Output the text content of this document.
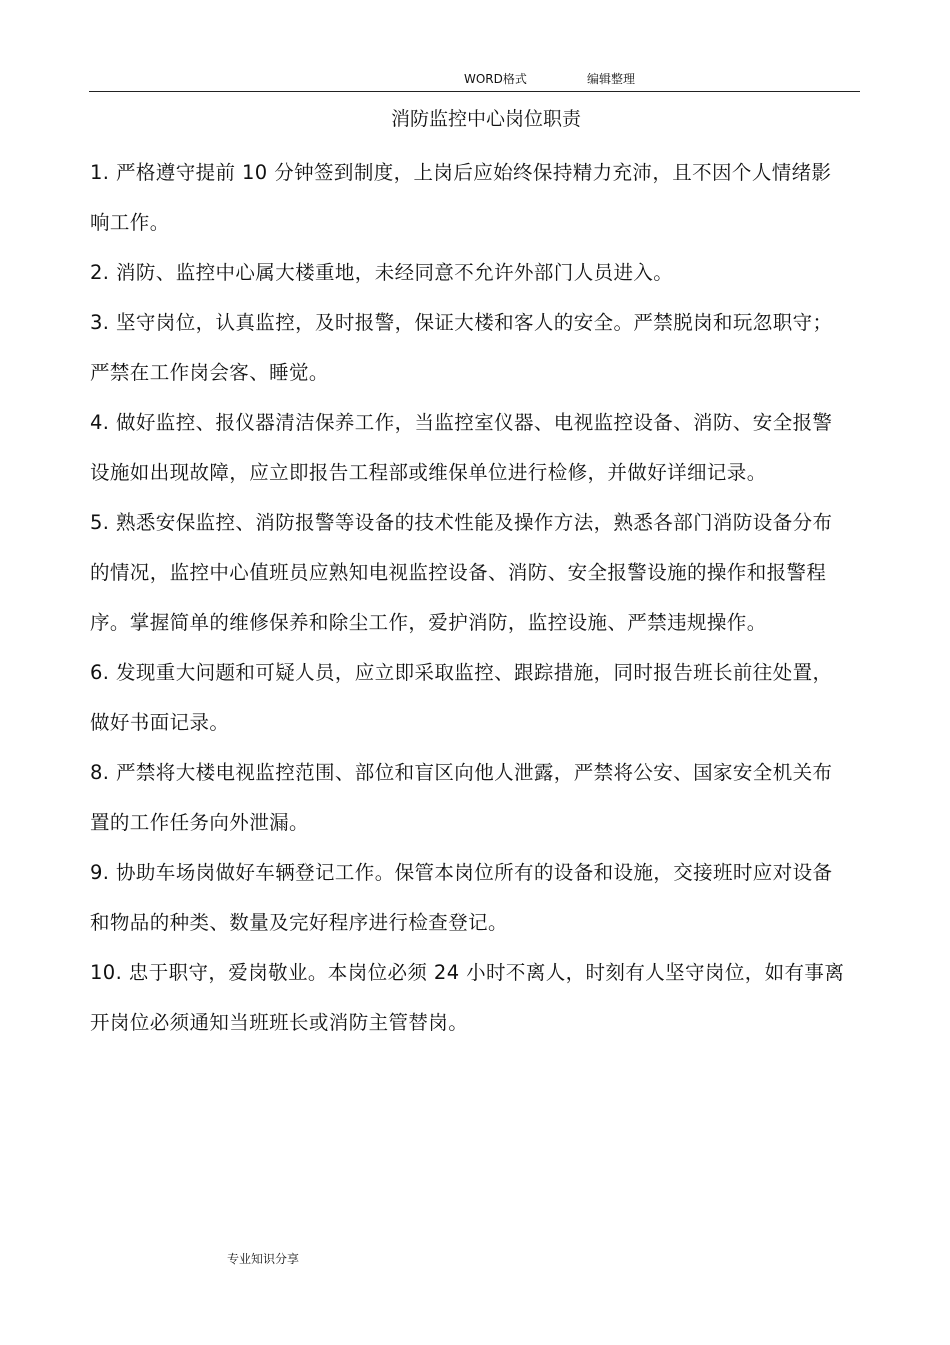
WORD格式	编辑整理
消防监控中心岗位职责

1. 严格遵守提前 10 分钟签到制度，上岗后应始终保持精力充沛，且不因个人情绪影响工作。

2. 消防、监控中心属大楼重地，未经同意不允许外部门人员进入。

3. 坚守岗位，认真监控，及时报警，保证大楼和客人的安全。严禁脱岗和玩忽职守；严禁在工作岗会客、睡觉。

4. 做好监控、报仪器清洁保养工作，当监控室仪器、电视监控设备、消防、安全报警设施如出现故障，应立即报告工程部或维保单位进行检修，并做好详细记录。

5. 熟悉安保监控、消防报警等设备的技术性能及操作方法，熟悉各部门消防设备分布的情况，监控中心值班员应熟知电视监控设备、消防、安全报警设施的操作和报警程序。掌握简单的维修保养和除尘工作，爱护消防，监控设施、严禁违规操作。

6. 发现重大问题和可疑人员，应立即采取监控、跟踪措施，同时报告班长前往处置，做好书面记录。

8. 严禁将大楼电视监控范围、部位和盲区向他人泄露，严禁将公安、国家安全机关布置的工作任务向外泄漏。

9. 协助车场岗做好车辆登记工作。保管本岗位所有的设备和设施，交接班时应对设备和物品的种类、数量及完好程序进行检查登记。

10. 忠于职守，爱岗敬业。本岗位必须 24 小时不离人，时刻有人坚守岗位，如有事离开岗位必须通知当班班长或消防主管替岗。

专业知识分享
